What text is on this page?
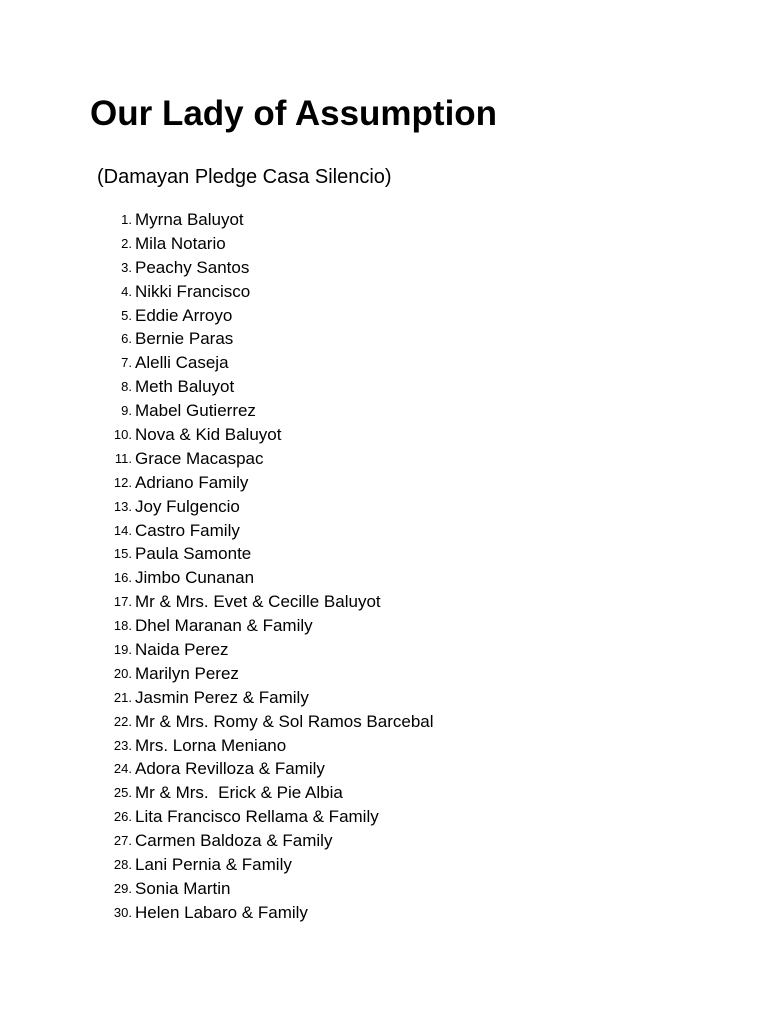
Our Lady of Assumption

(Damayan Pledge Casa Silencio)

1. Myrna Baluyot
2. Mila Notario
3. Peachy Santos
4. Nikki Francisco
5. Eddie Arroyo
6. Bernie Paras
7. Alelli Caseja
8. Meth Baluyot
9. Mabel Gutierrez
10. Nova & Kid Baluyot
11. Grace Macaspac
12. Adriano Family
13. Joy Fulgencio
14. Castro Family
15. Paula Samonte
16. Jimbo Cunanan
17. Mr & Mrs. Evet & Cecille Baluyot
18. Dhel Maranan & Family
19. Naida Perez
20. Marilyn Perez
21. Jasmin Perez & Family
22. Mr & Mrs. Romy & Sol Ramos Barcebal
23. Mrs. Lorna Meniano
24. Adora Revilloza & Family
25. Mr & Mrs.  Erick & Pie Albia
26. Lita Francisco Rellama & Family
27. Carmen Baldoza & Family
28. Lani Pernia & Family
29. Sonia Martin
30. Helen Labaro & Family
